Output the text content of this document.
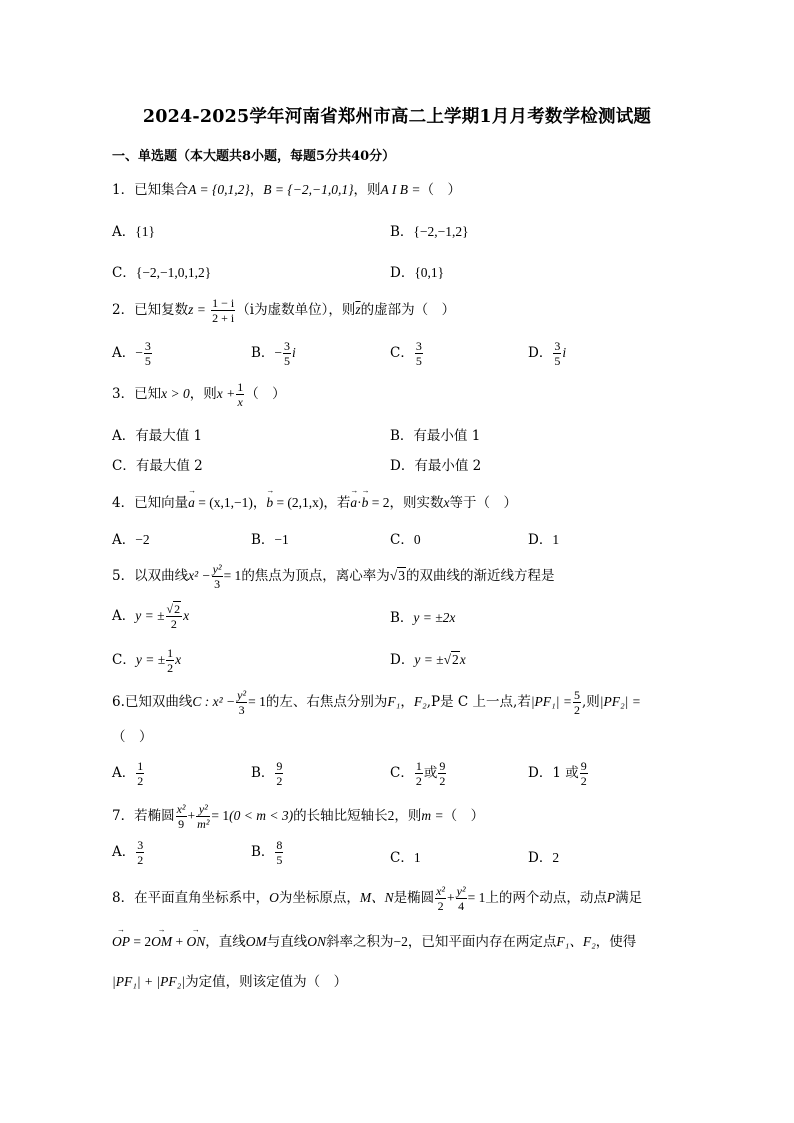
2024-2025学年河南省郑州市高二上学期1月月考数学检测试题
一、单选题（本大题共8小题，每题5分共40分）
1．已知集合A = {0,1,2}，B = {−2,−1,0,1}，则A I B =（　）
A．{1}	B．{−2,−1,2}
C．{−2,−1,0,1,2}	D．{0,1}
2．已知复数$z = \frac{1 - i}{2 + i} (i$为虚数单位），则$\overline{z}$的虚部为（　）
A．− $\frac{3}{5}$	B．− $\frac{3}{5}$ i	C． $\frac{3}{5}$	D． $\frac{3}{5}$ i
3．已知x > 0，则$x + \frac{1}{x}$ （　）
A．有最大值 1	B．有最小值 1
C．有最大值 2	D．有最小值 2
4．已知向量→ a = (x,1,−1)，→ b = (2,1,x)，若→ a·→ b = 2，则实数x等于（　）
A．−2	B．−1	C．0	D．1
5．以双曲线$x^2 - \frac{\text{y²}}{3} = 1$的焦点为顶点，离心率为√3的双曲线的渐近线方程是
A．y = ± $\frac{√2}{2}$ x	B．y = ±2x
C．y = ± $\frac{1}{2}$ x	D．y = ±√2x
6.已知双曲线C : $x^2 - \frac{\text{y²}}{3} = 1$的左、右焦点分别为F₁，F₂,P是 C 上一点,若$|PF_1| = \frac{5}{2}$ ,则|PF₂| =
（　）
A． $\frac{1}{2}$	B． $\frac{9}{2}$	C． $\frac{1}{2}$ 或 $\frac{9}{2}$	D．1 或 $\frac{9}{2}$
7．若椭圆 $\frac{\text{x²}}{9} + \frac{\text{y²}}{\text{m²}} = 1(0 < m < 3)$的长轴比短轴长2，则m =（　）
A． $\frac{3}{2}$	B． $\frac{8}{5}$	C．1	D．2
8．在平面直角坐标系中，O为坐标原点，M、N是椭圆 $\frac{\text{x²}}{2} + \frac{\text{y²}}{4} = 1$上的两个动点，动点P满足
→ OP = 2→ OM + → ON，直线OM与直线ON斜率之积为−2，已知平面内存在两定点F₁、F₂，使得
|PF₁| + |PF₂|为定值，则该定值为（　）
